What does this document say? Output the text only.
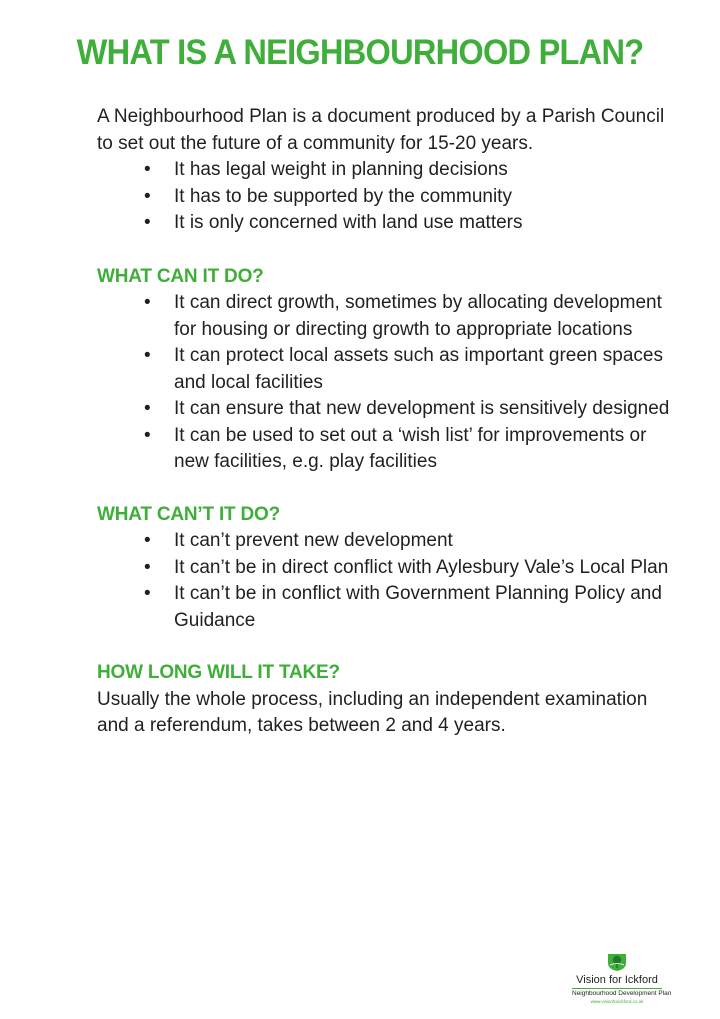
WHAT IS A NEIGHBOURHOOD PLAN?

A Neighbourhood Plan is a document produced by a Parish Council to set out the future of a community for 15-20 years.

• It has legal weight in planning decisions
• It has to be supported by the community
• It is only concerned with land use matters
WHAT CAN IT DO?
• It can direct growth, sometimes by allocating development for housing or directing growth to appropriate locations
• It can protect local assets such as important green spaces and local facilities
• It can ensure that new development is sensitively designed
• It can be used to set out a ‘wish list’ for improvements or new facilities, e.g. play facilities
WHAT CAN’T IT DO?
• It can’t prevent new development
• It can’t be in direct conflict with Aylesbury Vale’s Local Plan
• It can’t be in conflict with Government Planning Policy and Guidance
HOW LONG WILL IT TAKE?

Usually the whole process, including an independent examination and a referendum, takes between 2 and 4 years.

Vision for Ickford
Neighbourhood Development Plan
www.visionforickford.co.uk
